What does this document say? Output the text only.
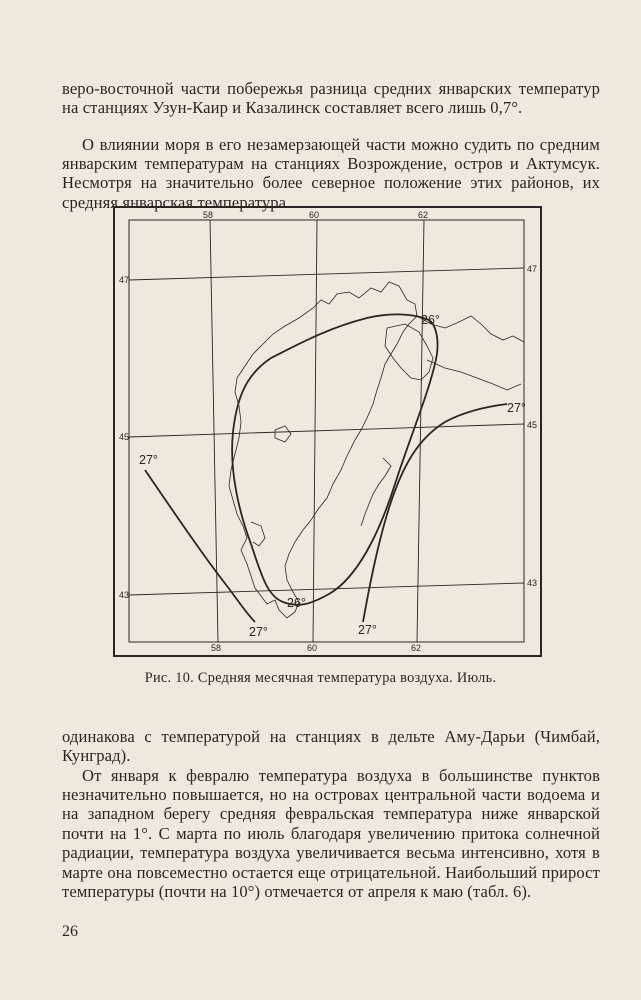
веро-восточной части побережья разница средних январских температур на станциях Узун-Каир и Казалинск составляет всего лишь 0,7°.

О влиянии моря в его незамерзающей части можно судить по средним январским температурам на станциях Возрождение, остров и Актумсук. Несмотря на значительно более северное положение этих районов, их средняя январская температура

58	60	62
58	60	62
47
45
43
47
45
43
26°
27°
27°
26°
27°	27°
Рис. 10. Средняя месячная температура воздуха. Июль.

одинакова с температурой на станциях в дельте Аму-Дарьи (Чимбай, Кунград).

От января к февралю температура воздуха в большинстве пунктов незначительно повышается, но на островах центральной части водоема и на западном берегу средняя февральская температура ниже январской почти на 1°. С марта по июль благодаря увеличению притока солнечной радиации, температура воздуха увеличивается весьма интенсивно, хотя в марте она повсеместно остается еще отрицательной. Наибольший прирост температуры (почти на 10°) отмечается от апреля к маю (табл. 6).

26
